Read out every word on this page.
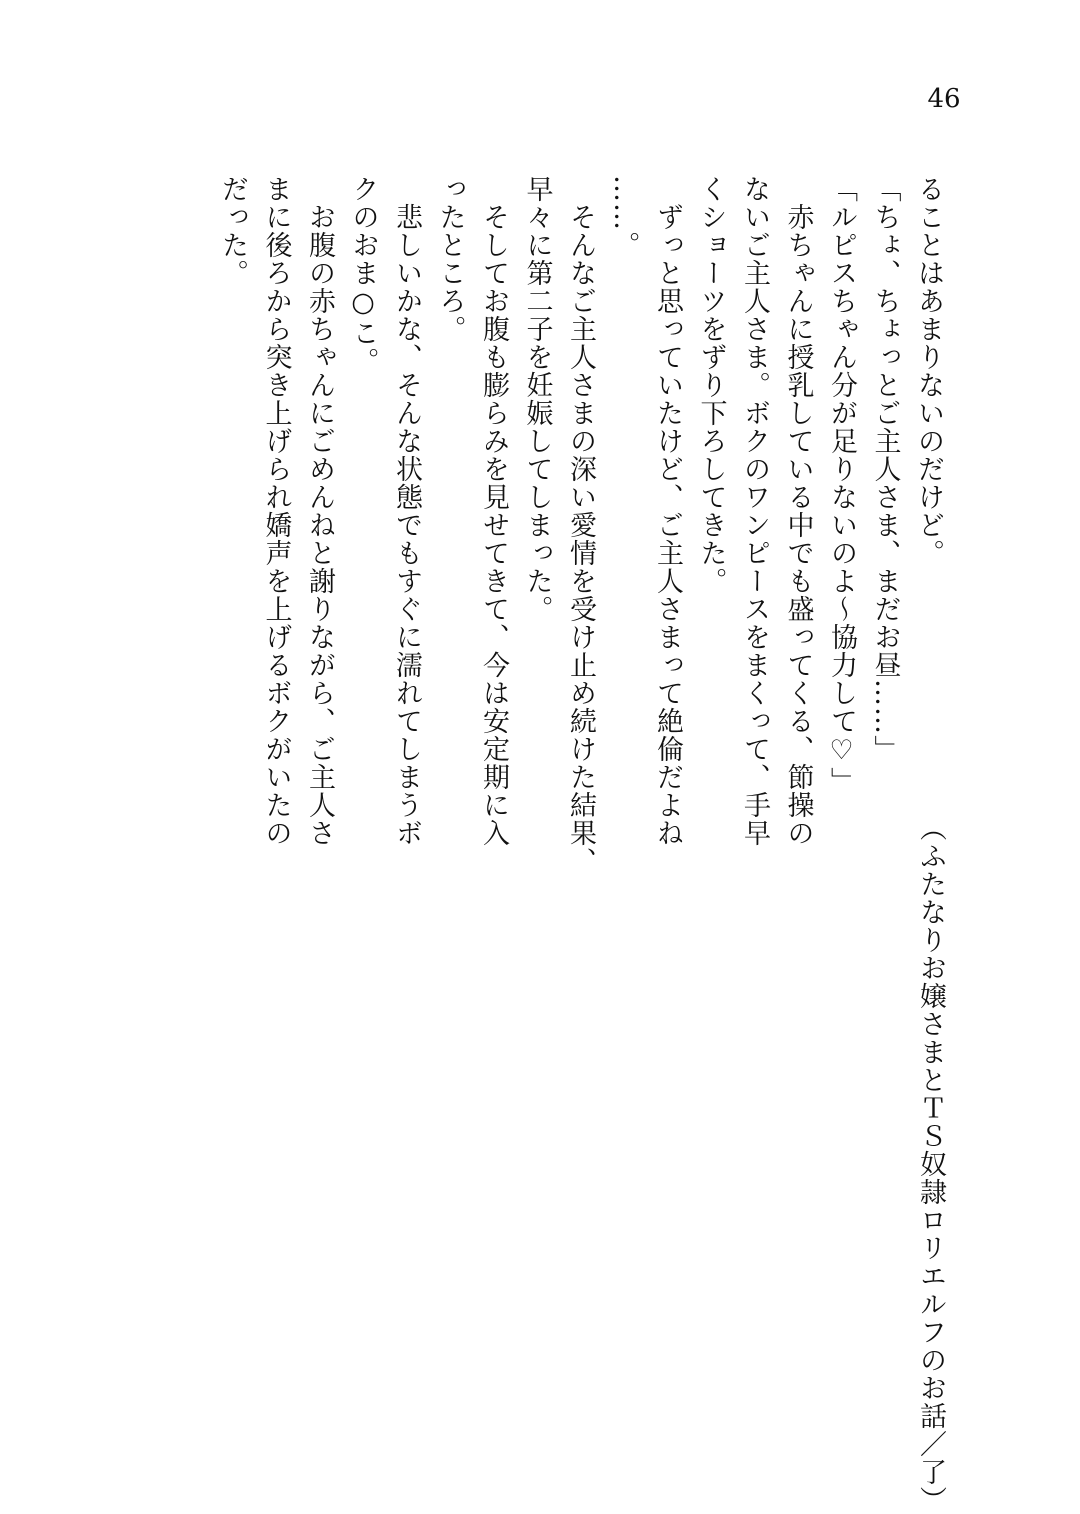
46
ることはあまりないのだけど。
「ちょ、ちょっとご主人さま、まだお昼……」
「ルピスちゃん分が足りないのよ～協力して♡」
　赤ちゃんに授乳している中でも盛ってくる、節操の
ないご主人さま。ボクのワンピースをまくって、手早
くショーツをずり下ろしてきた。
　ずっと思っていたけど、ご主人さまって絶倫だよね
……。
　そんなご主人さまの深い愛情を受け止め続けた結果、
早々に第二子を妊娠してしまった。
　そしてお腹も膨らみを見せてきて、今は安定期に入
ったところ。
　悲しいかな、そんな状態でもすぐに濡れてしまうボ
クのおま○こ。
　お腹の赤ちゃんにごめんねと謝りながら、ご主人さ
まに後ろから突き上げられ嬌声を上げるボクがいたの
だった。
（ふたなりお嬢さまとＴＳ奴隷ロリエルフのお話／了）
